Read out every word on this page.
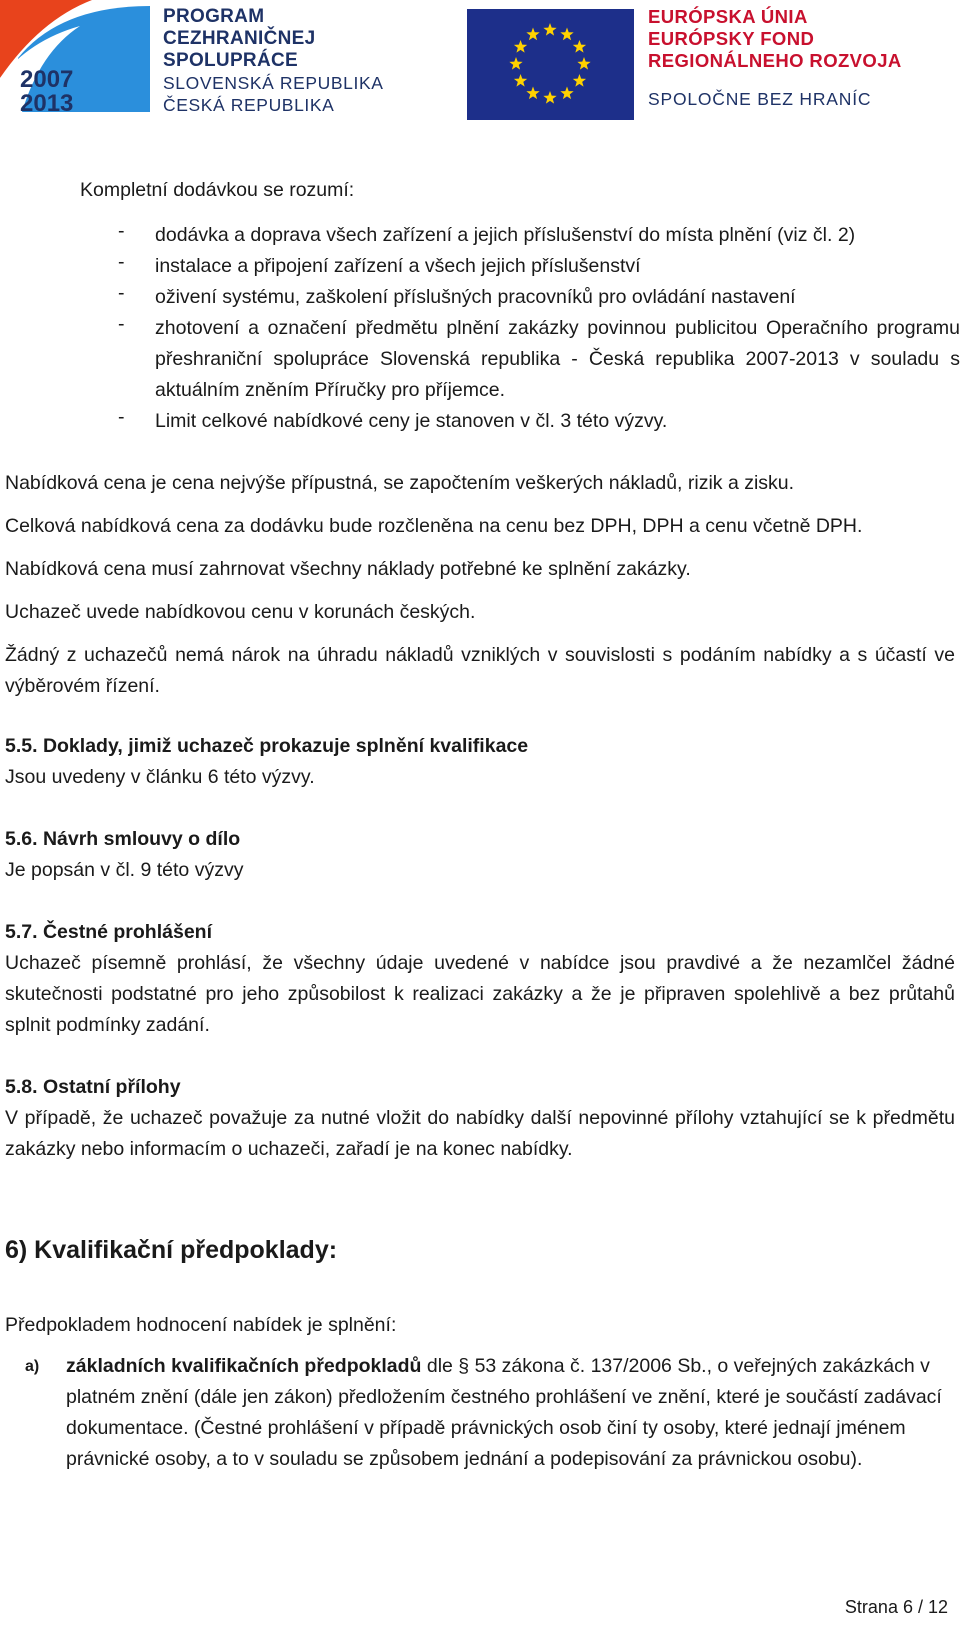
2007
2013
PROGRAM
CEZHRANIČNEJ
SPOLUPRÁCE
SLOVENSKÁ REPUBLIKA
ČESKÁ REPUBLIKA
EURÓPSKA ÚNIA
EURÓPSKY FOND
REGIONÁLNEHO ROZVOJA
SPOLOČNE BEZ HRANÍC
Kompletní dodávkou se rozumí:
- dodávka a doprava všech zařízení a jejich příslušenství do místa plnění (viz čl. 2)
- instalace a připojení zařízení a všech jejich příslušenství
- oživení systému, zaškolení příslušných pracovníků pro ovládání nastavení
- zhotovení a označení předmětu plnění zakázky povinnou publicitou Operačního programu přeshraniční spolupráce Slovenská republika - Česká republika 2007-2013 v souladu s aktuálním zněním Příručky pro příjemce.
- Limit celkové nabídkové ceny je stanoven v čl. 3 této výzvy.
Nabídková cena je cena nejvýše přípustná, se započtením veškerých nákladů, rizik a zisku.
Celková nabídková cena za dodávku bude rozčleněna na cenu bez DPH, DPH a cenu včetně DPH.
Nabídková cena musí zahrnovat všechny náklady potřebné ke splnění zakázky.
Uchazeč uvede nabídkovou cenu v korunách českých.
Žádný z uchazečů nemá nárok na úhradu nákladů vzniklých v souvislosti s podáním nabídky a s účastí ve výběrovém řízení.
5.5. Doklady, jimiž uchazeč prokazuje splnění kvalifikace
Jsou uvedeny v článku 6 této výzvy.
5.6. Návrh smlouvy o dílo
Je popsán v čl. 9 této výzvy
5.7. Čestné prohlášení
Uchazeč písemně prohlásí, že všechny údaje uvedené v nabídce jsou pravdivé a že nezamlčel žádné skutečnosti podstatné pro jeho způsobilost k realizaci zakázky a že je připraven spolehlivě a bez průtahů splnit podmínky zadání.
5.8. Ostatní přílohy
V případě, že uchazeč považuje za nutné vložit do nabídky další nepovinné přílohy vztahující se k předmětu zakázky nebo informacím o uchazeči, zařadí je na konec nabídky.
6) Kvalifikační předpoklady:
Předpokladem hodnocení nabídek je splnění:
a) základních kvalifikačních předpokladů dle § 53 zákona č. 137/2006 Sb., o veřejných zakázkách v platném znění (dále jen zákon) předložením čestného prohlášení ve znění, které je součástí zadávací dokumentace. (Čestné prohlášení v případě právnických osob činí ty osoby, které jednají jménem právnické osoby, a to v souladu se způsobem jednání a podepisování za právnickou osobu).
Strana 6 / 12
